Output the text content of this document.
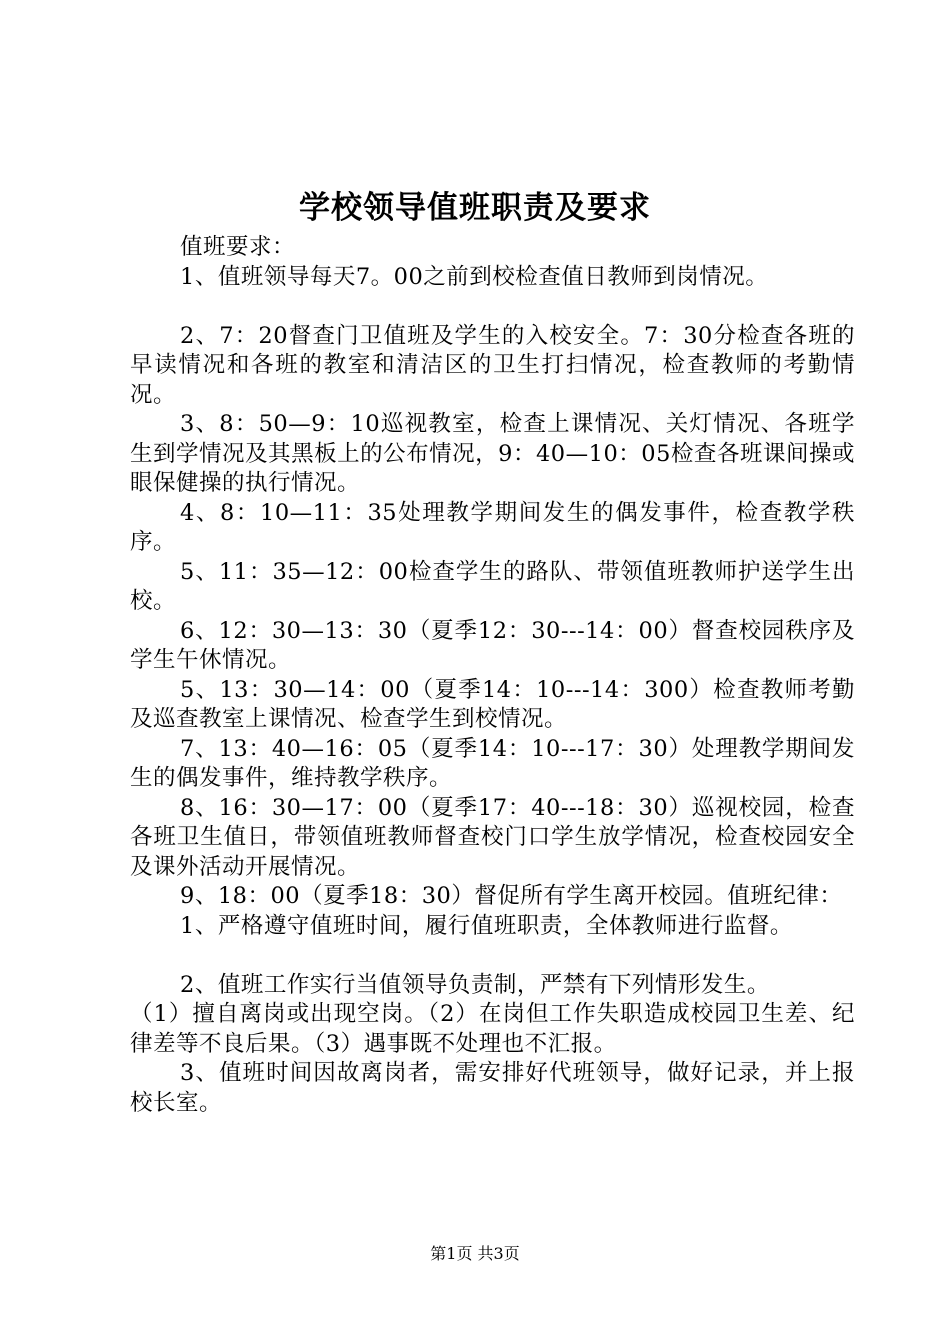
学校领导值班职责及要求

值班要求：

1、值班领导每天7。00之前到校检查值日教师到岗情况。

2、7：20督查门卫值班及学生的入校安全。7：30分检查各班的早读情况和各班的教室和清洁区的卫生打扫情况，检查教师的考勤情况。

3、8：50—9：10巡视教室，检查上课情况、关灯情况、各班学生到学情况及其黑板上的公布情况，9：40—10：05检查各班课间操或眼保健操的执行情况。

4、8：10—11：35处理教学期间发生的偶发事件，检查教学秩序。

5、11：35—12：00检查学生的路队、带领值班教师护送学生出校。

6、12：30—13：30（夏季12：30---14：00）督查校园秩序及学生午休情况。

5、13：30—14：00（夏季14：10---14：300）检查教师考勤及巡查教室上课情况、检查学生到校情况。

7、13：40—16：05（夏季14：10---17：30）处理教学期间发生的偶发事件，维持教学秩序。

8、16：30—17：00（夏季17：40---18：30）巡视校园，检查各班卫生值日，带领值班教师督查校门口学生放学情况，检查校园安全及课外活动开展情况。

9、18：00（夏季18：30）督促所有学生离开校园。值班纪律：

1、严格遵守值班时间，履行值班职责，全体教师进行监督。

2、值班工作实行当值领导负责制，严禁有下列情形发生。

（1）擅自离岗或出现空岗。（2）在岗但工作失职造成校园卫生差、纪律差等不良后果。（3）遇事既不处理也不汇报。

3、值班时间因故离岗者，需安排好代班领导，做好记录，并上报校长室。

第1页 共3页
